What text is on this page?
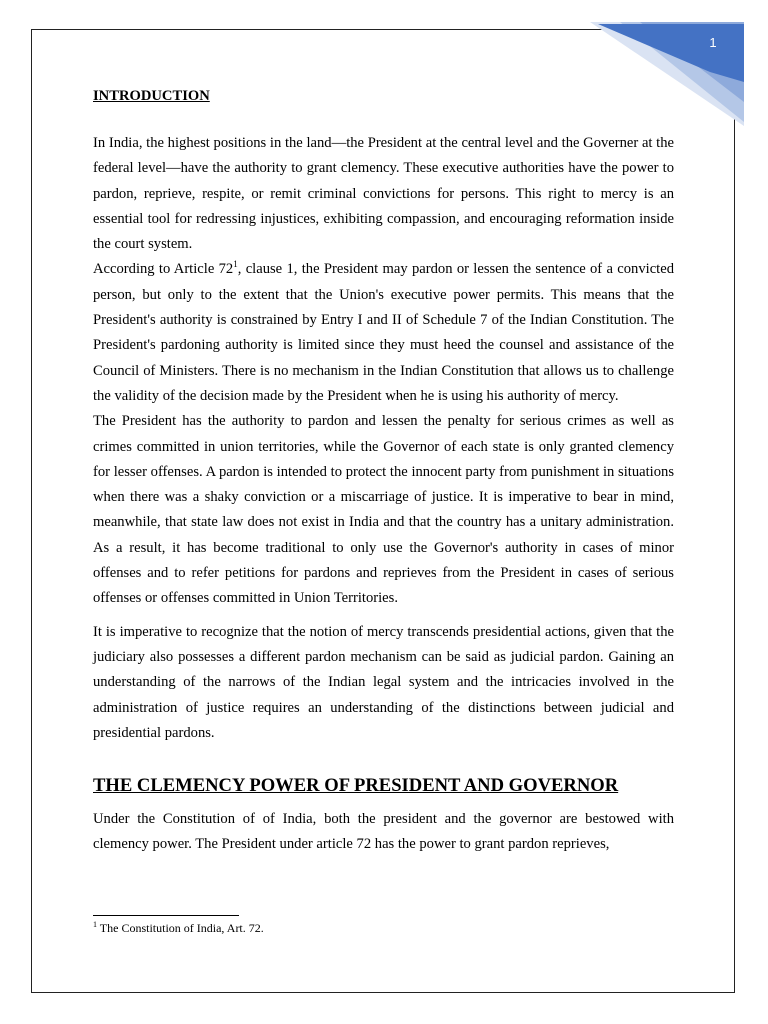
1
INTRODUCTION

In India, the highest positions in the land—the President at the central level and the Governer at the federal level—have the authority to grant clemency. These executive authorities have the power to pardon, reprieve, respite, or remit criminal convictions for persons. This right to mercy is an essential tool for redressing injustices, exhibiting compassion, and encouraging reformation inside the court system.

According to Article $72^1$, clause 1, the President may pardon or lessen the sentence of a convicted person, but only to the extent that the Union's executive power permits. This means that the President's authority is constrained by Entry I and II of Schedule 7 of the Indian Constitution. The President's pardoning authority is limited since they must heed the counsel and assistance of the Council of Ministers. There is no mechanism in the Indian Constitution that allows us to challenge the validity of the decision made by the President when he is using his authority of mercy.

The President has the authority to pardon and lessen the penalty for serious crimes as well as crimes committed in union territories, while the Governor of each state is only granted clemency for lesser offenses. A pardon is intended to protect the innocent party from punishment in situations when there was a shaky conviction or a miscarriage of justice. It is imperative to bear in mind, meanwhile, that state law does not exist in India and that the country has a unitary administration. As a result, it has become traditional to only use the Governor's authority in cases of minor offenses and to refer petitions for pardons and reprieves from the President in cases of serious offenses or offenses committed in Union Territories.

It is imperative to recognize that the notion of mercy transcends presidential actions, given that the judiciary also possesses a different pardon mechanism can be said as judicial pardon. Gaining an understanding of the narrows of the Indian legal system and the intricacies involved in the administration of justice requires an understanding of the distinctions between judicial and presidential pardons.

THE CLEMENCY POWER OF PRESIDENT AND GOVERNOR

Under the Constitution of of India, both the president and the governor are bestowed with clemency power. The President under article 72 has the power to grant pardon reprieves,

$^1$ The Constitution of India, Art. 72.
